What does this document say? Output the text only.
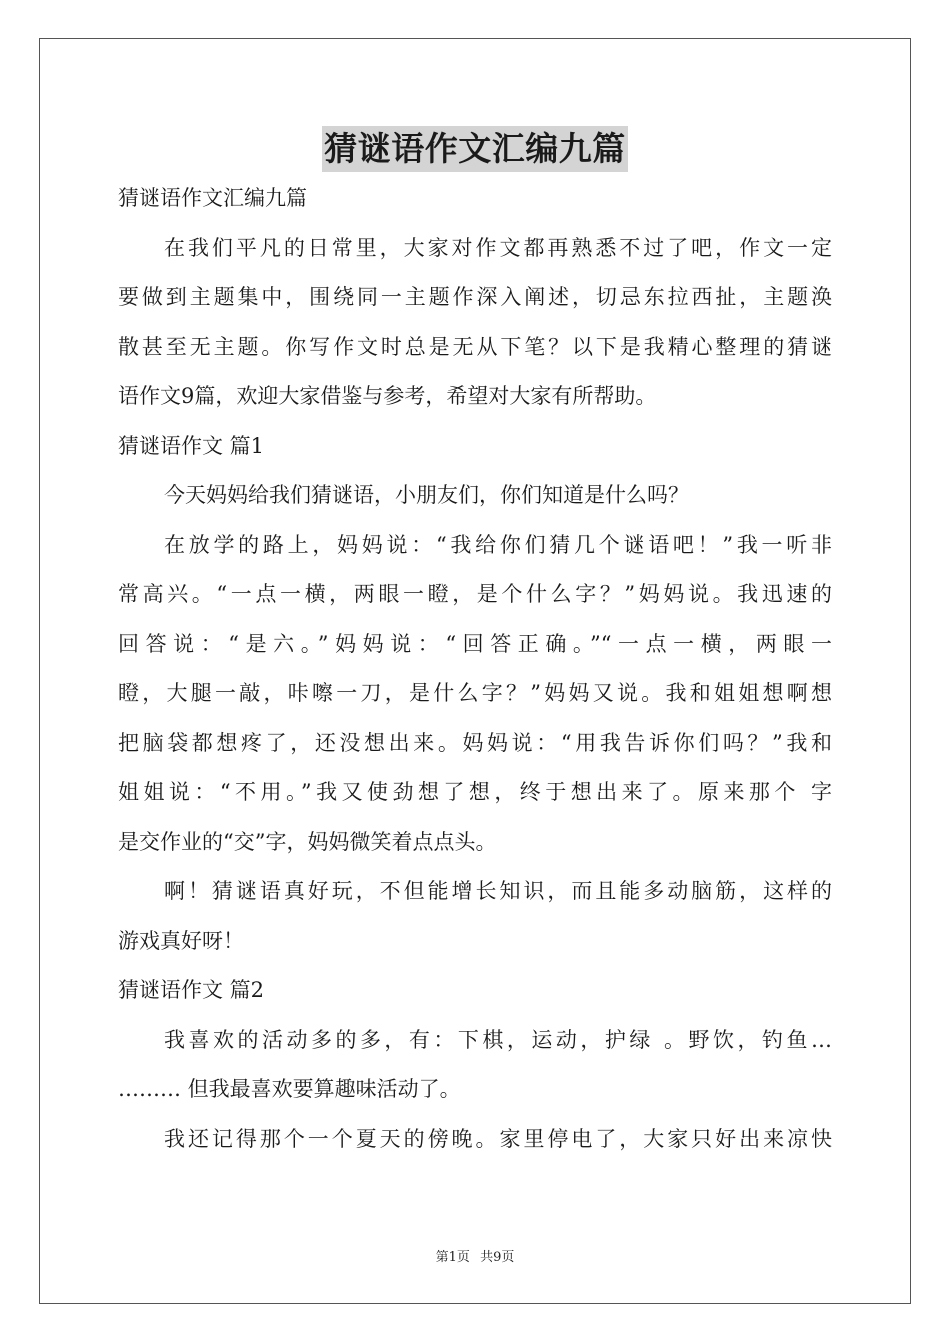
猜谜语作文汇编九篇
猜谜语作文汇编九篇
在我们平凡的日常里，大家对作文都再熟悉不过了吧，作文一定
要做到主题集中，围绕同一主题作深入阐述，切忌东拉西扯，主题涣
散甚至无主题。你写作文时总是无从下笔？以下是我精心整理的猜谜
语作文9篇，欢迎大家借鉴与参考，希望对大家有所帮助。
猜谜语作文 篇1
今天妈妈给我们猜谜语，小朋友们，你们知道是什么吗？
在放学的路上，妈妈说：“我给你们猜几个谜语吧！”我一听非
常高兴。“一点一横，两眼一瞪，是个什么字？”妈妈说。我迅速的
回答说：“是六。”妈妈说：“回答正确。”“一点一横，两眼一
瞪，大腿一敲，咔嚓一刀，是什么字？”妈妈又说。我和姐姐想啊想
把脑袋都想疼了，还没想出来。妈妈说：“用我告诉你们吗？”我和
姐姐说：“不用。”我又使劲想了想，终于想出来了。原来那个 字
是交作业的“交”字，妈妈微笑着点点头。
啊！猜谜语真好玩，不但能增长知识，而且能多动脑筋，这样的
游戏真好呀！
猜谜语作文 篇2
我喜欢的活动多的多，有：下棋，运动，护绿 。野饮，钓鱼…
……… 但我最喜欢要算趣味活动了。
我还记得那个一个夏天的傍晚。家里停电了，大家只好出来凉快
第1页 共9页
